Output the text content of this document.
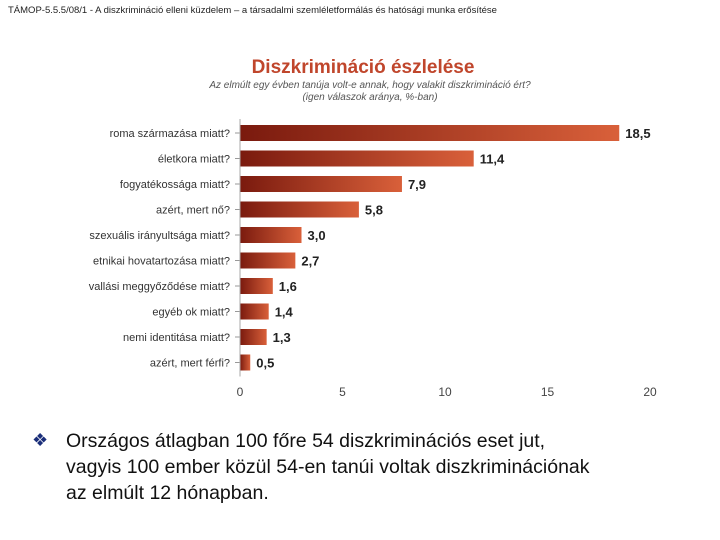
TÁMOP-5.5.5/08/1 - A diszkrimináció elleni küzdelem – a társadalmi szemléletformálás és hatósági munka erősítése
Diszkrimináció észlelése
Az elmúlt egy évben tanúja volt-e annak, hogy valakit diszkrimináció ért?
(igen válaszok aránya, %-ban)
roma származása miatt?	18,5
életkora miatt?	11,4
fogyatékossága miatt?	7,9
azért, mert nő?	5,8
szexuális irányultsága miatt?	3,0
etnikai hovatartozása miatt?	2,7
vallási meggyőződése miatt?	1,6
egyéb ok miatt?	1,4
nemi identitása miatt?	1,3
azért, mert férfi? 0,5
0	5	10	15	20
❖ Országos átlagban 100 főre 54 diszkriminációs eset jut,
vagyis 100 ember közül 54-en tanúi voltak diszkriminációnak
az elmúlt 12 hónapban.
